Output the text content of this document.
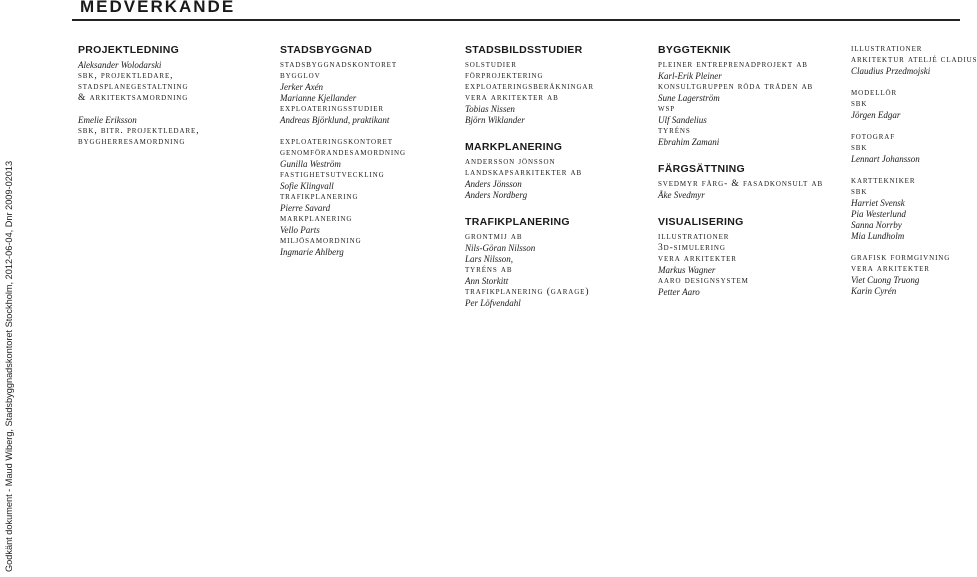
Godkänt dokument - Maud Wiberg, Stadsbyggnadskontoret Stockholm, 2012-06-04, Dnr 2009-02013
MEDVERKANDE
PROJEKTLEDNING
Aleksander Wolodarski
sbk, projektledare,
stadsplanegestaltning
& arkitektsamordning
Emelie Eriksson
sbk, bitr. projektledare,
byggherresamordning
STADSBYGGNAD
stadsbyggnadskontoret
bygglov
Jerker Axén
Marianne Kjellander
exploateringsstudier
Andreas Björklund, praktikant
exploateringskontoret
genomförandesamordning
Gunilla Weström
fastighetsutveckling
Sofie Klingvall
trafikplanering
Pierre Savard
markplanering
Vello Parts
miljösamordning
Ingmarie Ahlberg
STADSBILDSSTUDIER
solstudier
förprojektering
exploateringsberäkningar
vera arkitekter ab
Tobias Nissen
Björn Wiklander
MARKPLANERING
andersson jönsson
landskapsarkitekter ab
Anders Jönsson
Anders Nordberg
TRAFIKPLANERING
grontmij ab
Nils-Göran Nilsson
Lars Nilsson,
tyréns ab
Ann Storkitt
trafikplanering (garage)
Per Löfvendahl
BYGGTEKNIK
pleiner entreprenadprojekt ab
Karl-Erik Pleiner
konsultgruppen röda tråden ab
Sune Lagerström
wsp
Ulf Sandelius
tyréns
Ebrahim Zamani
FÄRGSÄTTNING
svedmyr färg- & fasadkonsult ab
Åke Svedmyr
VISUALISERING
illustrationer
3d-simulering
vera arkitekter
Markus Wagner
aaro designsystem
Petter Aaro
illustrationer
arkitektur ateljé cladius
Claudius Przedmojski
modellör
sbk
Jörgen Edgar
fotograf
sbk
Lennart Johansson
karttekniker
sbk
Harriet Svensk
Pia Westerlund
Sanna Norrby
Mia Lundholm
grafisk formgivning
vera arkitekter
Viet Cuong Truong
Karin Cyrén
